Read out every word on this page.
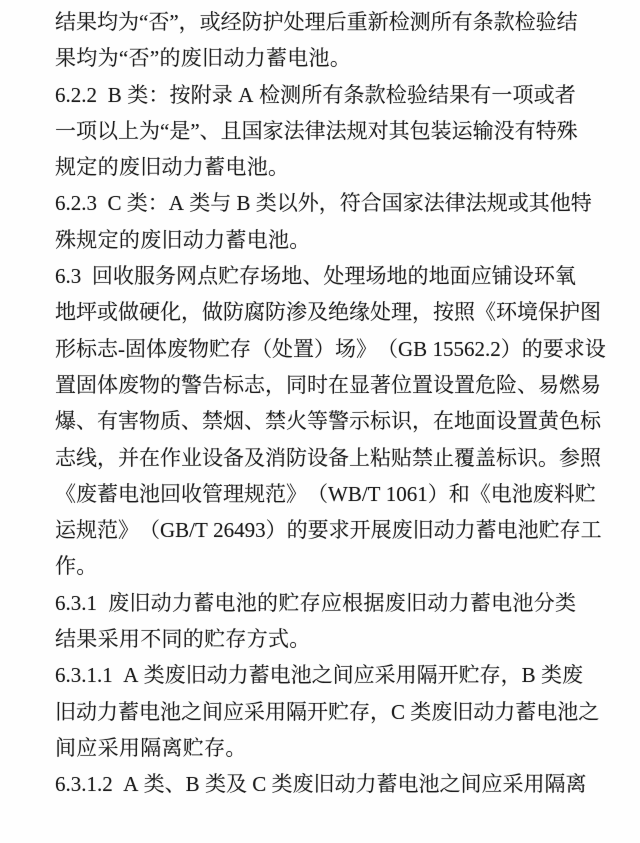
结 果 均 为 “ 否 ” ， 或 经 防 护 处 理 后 重 新 检 测 所 有 条 款 检 验 结

果均为“否”的废旧动力蓄电池。

6.2.2
B
类 ： 按 附 录
A
检 测 所 有 条 款 检 验 结 果 有 一 项 或 者

一 项 以 上 为 “ 是 ” 、 且 国 家 法 律 法 规 对 其 包 装 运 输 没 有 特 殊

规定的废旧动力蓄电池。

6.2.3
C
类 ： A
类 与
B
类 以 外 ， 符 合 国 家 法 律 法 规 或 其 他 特

殊规定的废旧动力蓄电池。

6.3
回 收 服 务 网 点 贮 存 场 地 、 处 理 场 地 的 地 面 应 铺 设 环 氧

地 坪 或 做 硬 化 ， 做 防 腐 防 渗 及 绝 缘 处 理 ， 按 照 《 环 境 保 护 图

形 标 志 - 固 体 废 物 贮 存 （ 处 置 ） 场 》 （ GB
15562.2 ） 的 要 求 设

置 固 体 废 物 的 警 告 标 志 ， 同 时 在 显 著 位 置 设 置 危 险 、 易 燃 易

爆 、 有 害 物 质 、 禁 烟 、 禁 火 等 警 示 标 识 ， 在 地 面 设 置 黄 色 标

志 线 ， 并 在 作 业 设 备 及 消 防 设 备 上 粘 贴 禁 止 覆 盖 标 识 。 参 照

《 废 蓄 电 池 回 收 管 理 规 范 》 （ WB/T
1061 ） 和 《 电 池 废 料 贮

运 规 范 》 （ GB/T
26493 ） 的 要 求 开 展 废 旧 动 力 蓄 电 池 贮 存 工

作。

6.3.1
废 旧 动 力 蓄 电 池 的 贮 存 应 根 据 废 旧 动 力 蓄 电 池 分 类

结果采用不同的贮存方式。

6.3.1.1
A
类 废 旧 动 力 蓄 电 池 之 间 应 采 用 隔 开 贮 存 ， B
类 废

旧 动 力 蓄 电 池 之 间 应 采 用 隔 开 贮 存 ， C
类 废 旧 动 力 蓄 电 池 之

间应采用隔离贮存。

6.3.1.2
A
类 、 B
类 及
C
类 废 旧 动 力 蓄 电 池 之 间 应 采 用 隔 离
